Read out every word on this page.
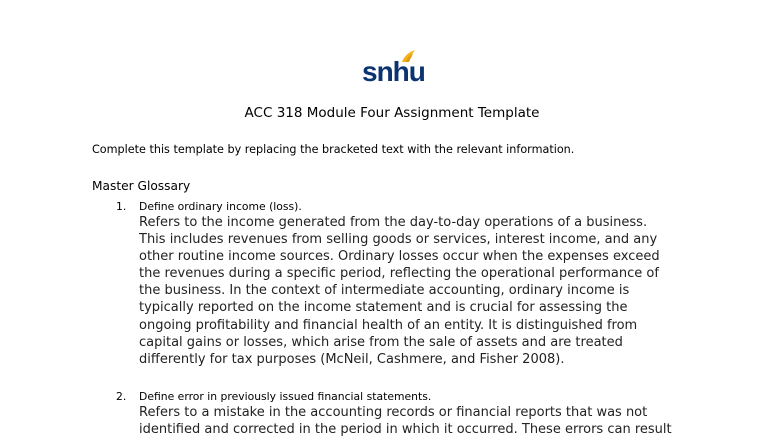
snhu
ACC 318 Module Four Assignment Template
Complete this template by replacing the bracketed text with the relevant information.
Master Glossary
1. Define ordinary income (loss).
Refers to the income generated from the day-to-day operations of a business.
This includes revenues from selling goods or services, interest income, and any
other routine income sources. Ordinary losses occur when the expenses exceed
the revenues during a specific period, reflecting the operational performance of
the business. In the context of intermediate accounting, ordinary income is
typically reported on the income statement and is crucial for assessing the
ongoing profitability and financial health of an entity. It is distinguished from
capital gains or losses, which arise from the sale of assets and are treated
differently for tax purposes (McNeil, Cashmere, and Fisher 2008).
2. Define error in previously issued financial statements.
Refers to a mistake in the accounting records or financial reports that was not
identified and corrected in the period in which it occurred. These errors can result
